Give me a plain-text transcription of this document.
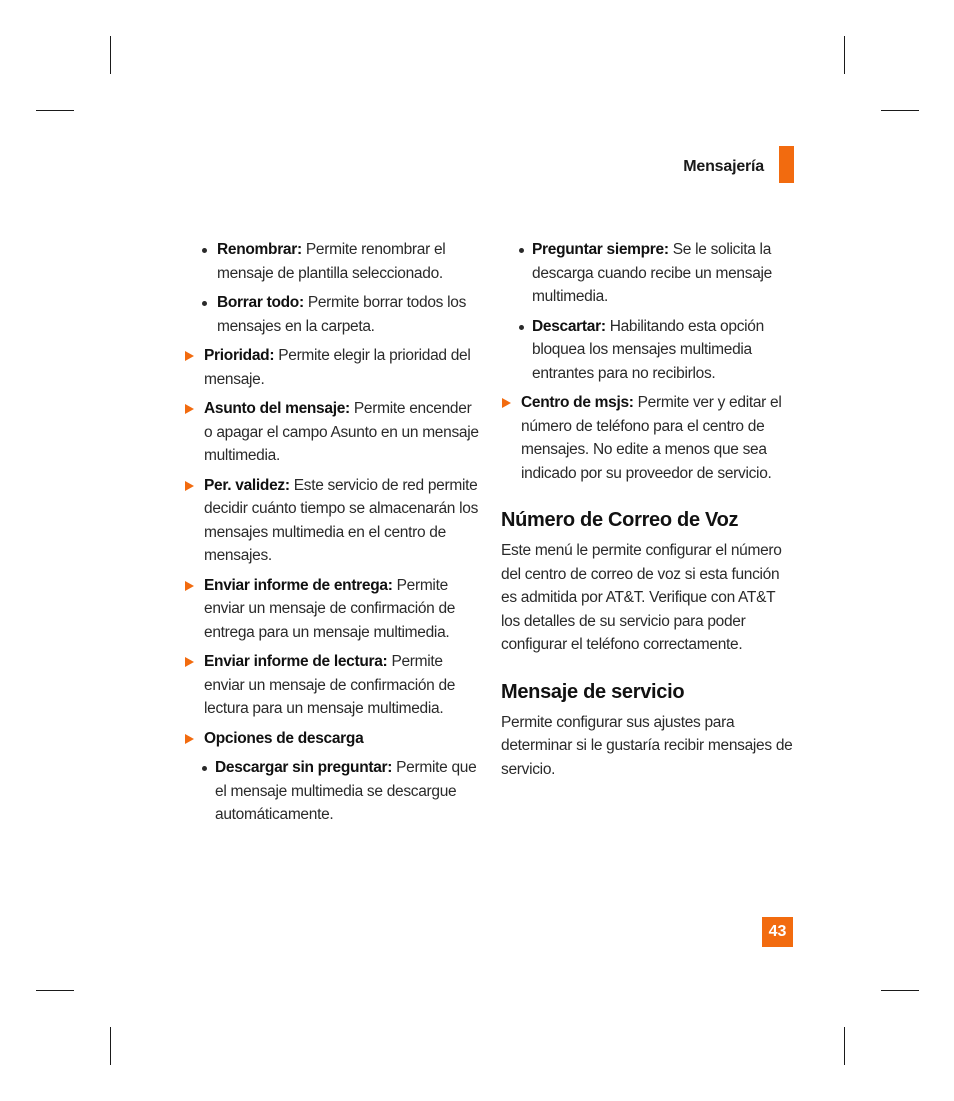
Mensajería
Renombrar: Permite renombrar el mensaje de plantilla seleccionado.
Borrar todo: Permite borrar todos los mensajes en la carpeta.
Prioridad: Permite elegir la prioridad del mensaje.
Asunto del mensaje: Permite encender o apagar el campo Asunto en un mensaje multimedia.
Per. validez: Este servicio de red permite decidir cuánto tiempo se almacenarán los mensajes multimedia en el centro de mensajes.
Enviar informe de entrega: Permite enviar un mensaje de confirmación de entrega para un mensaje multimedia.
Enviar informe de lectura: Permite enviar un mensaje de confirmación de lectura para un mensaje multimedia.
Opciones de descarga
Descargar sin preguntar: Permite que el mensaje multimedia se descargue automáticamente.
Preguntar siempre: Se le solicita la descarga cuando recibe un mensaje multimedia.
Descartar: Habilitando esta opción bloquea los mensajes multimedia entrantes para no recibirlos.
Centro de msjs: Permite ver y editar el número de teléfono para el centro de mensajes. No edite a menos que sea indicado por su proveedor de servicio.
Número de Correo de Voz
Este menú le permite configurar el número del centro de correo de voz si esta función es admitida por AT&T. Verifique con AT&T los detalles de su servicio para poder configurar el teléfono correctamente.
Mensaje de servicio
Permite configurar sus ajustes para determinar si le gustaría recibir mensajes de servicio.
43
